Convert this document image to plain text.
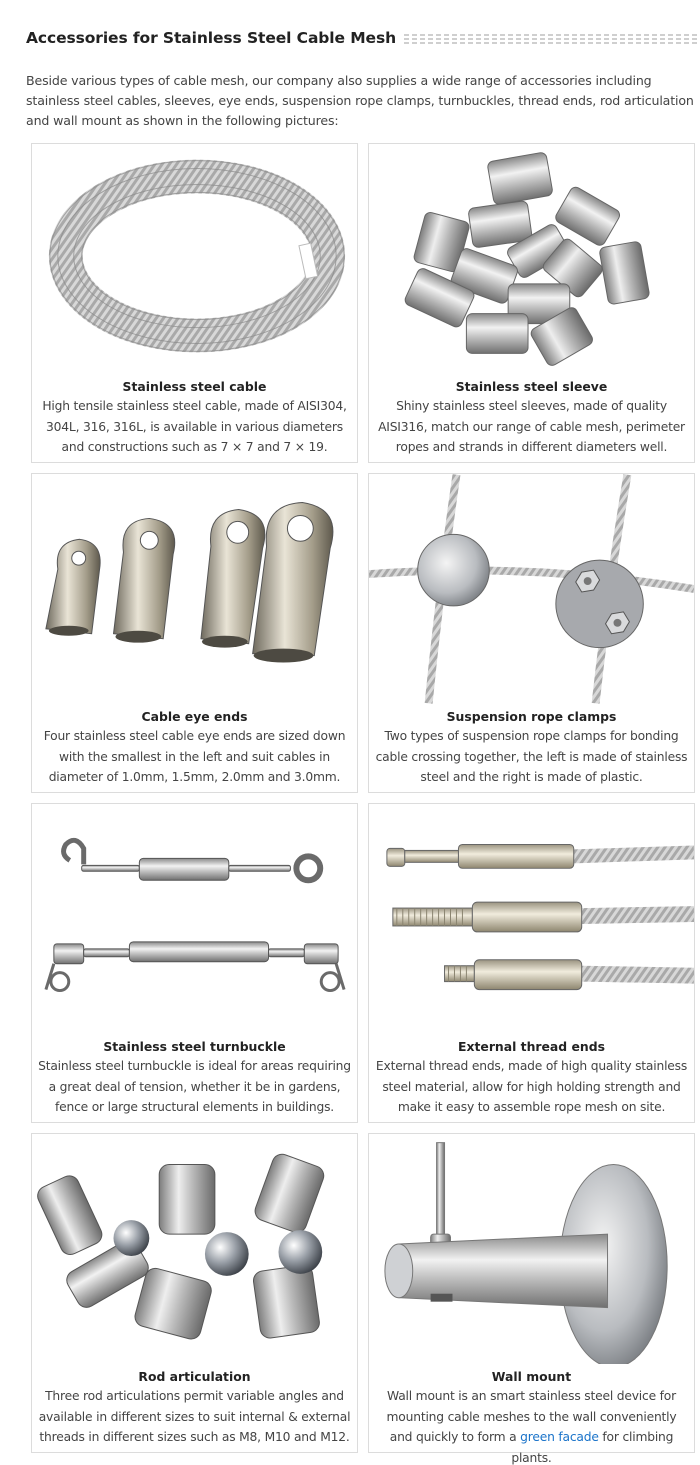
Accessories for Stainless Steel Cable Mesh

Beside various types of cable mesh, our company also supplies a wide range of accessories including stainless steel cables, sleeves, eye ends, suspension rope clamps, turnbuckles, thread ends, rod articulation and wall mount as shown in the following pictures:

Stainless steel cable
High tensile stainless steel cable, made of AISI304, 304L, 316, 316L, is available in various diameters and constructions such as 7 × 7 and 7 × 19.
Stainless steel sleeve
Shiny stainless steel sleeves, made of quality AISI316, match our range of cable mesh, perimeter ropes and strands in different diameters well.
Cable eye ends
Four stainless steel cable eye ends are sized down with the smallest in the left and suit cables in diameter of 1.0mm, 1.5mm, 2.0mm and 3.0mm.
Suspension rope clamps
Two types of suspension rope clamps for bonding cable crossing together, the left is made of stainless steel and the right is made of plastic.
Stainless steel turnbuckle
Stainless steel turnbuckle is ideal for areas requiring a great deal of tension, whether it be in gardens, fence or large structural elements in buildings.
External thread ends
External thread ends, made of high quality stainless steel material, allow for high holding strength and make it easy to assemble rope mesh on site.
Rod articulation
Three rod articulations permit variable angles and available in different sizes to suit internal & external threads in different sizes such as M8, M10 and M12.
Wall mount
Wall mount is an smart stainless steel device for mounting cable meshes to the wall conveniently and quickly to form a green facade for climbing plants.
